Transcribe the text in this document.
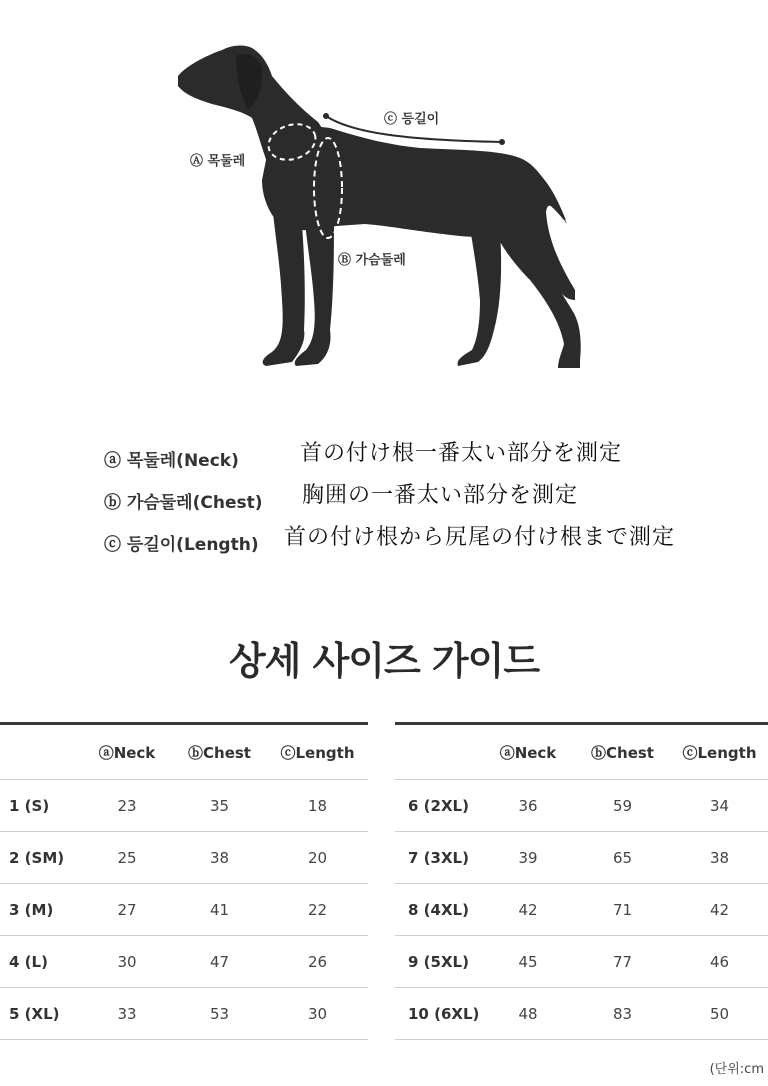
Ⓐ 목둘레
ⓒ 등길이
Ⓑ 가슴둘레
ⓐ 목둘레(Neck)	首の付け根一番太い部分を測定
ⓑ 가슴둘레(Chest) 胸囲の一番太い部分を測定
ⓒ 등길이(Length) 首の付け根から尻尾の付け根まで測定
상세 사이즈 가이드
ⓐNeck	ⓑChest	ⓒLength
1 (S)	23	35	18
2 (SM)	25	38	20
3 (M)	27	41	22
4 (L)	30	47	26
5 (XL)	33	53	30
ⓐNeck	ⓑChest	ⓒLength
6 (2XL)	36	59	34
7 (3XL)	39	65	38
8 (4XL)	42	71	42
9 (5XL)	45	77	46
10 (6XL)	48	83	50
(단위:cm
